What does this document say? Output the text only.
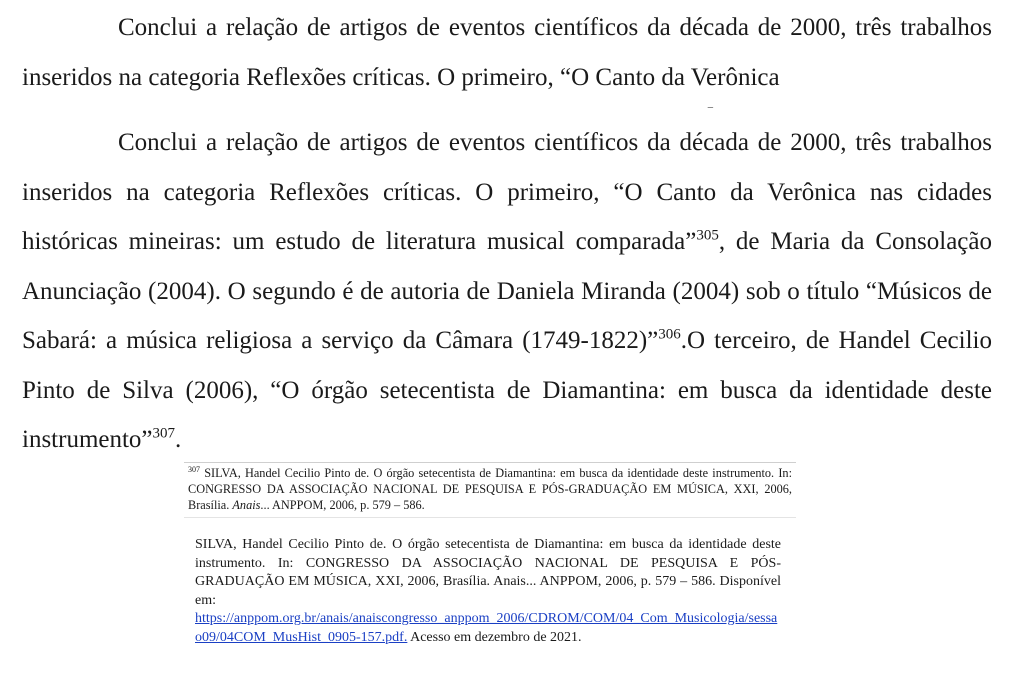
Conclui a relação de artigos de eventos científicos da década de 2000, três trabalhos inseridos na categoria Reflexões críticas. O primeiro, “O Canto da Verônica

Conclui a relação de artigos de eventos científicos da década de 2000, três trabalhos inseridos na categoria Reflexões críticas. O primeiro, “O Canto da Verônica nas cidades históricas mineiras: um estudo de literatura musical comparada”$^{305}$, de Maria da Consolação Anunciação (2004). O segundo é de autoria de Daniela Miranda (2004) sob o título “Músicos de Sabará: a música religiosa a serviço da Câmara (1749-1822)”$^{306}$.O terceiro, de Handel Cecilio Pinto de Silva (2006), “O órgão setecentista de Diamantina: em busca da identidade deste instrumento”$^{307}$.

$^{307}$ SILVA, Handel Cecilio Pinto de. O órgão setecentista de Diamantina: em busca da identidade deste instrumento. In: CONGRESSO DA ASSOCIAÇÃO NACIONAL DE PESQUISA E PÓS-GRADUAÇÃO EM MÚSICA, XXI, 2006, Brasília. Anais... ANPPOM, 2006, p. 579 – 586.
SILVA, Handel Cecilio Pinto de. O órgão setecentista de Diamantina: em busca da identidade deste instrumento. In: CONGRESSO DA ASSOCIAÇÃO NACIONAL DE PESQUISA E PÓS-GRADUAÇÃO EM MÚSICA, XXI, 2006, Brasília. Anais... ANPPOM, 2006, p. 579 – 586. Disponível em:
https://anppom.org.br/anais/anaiscongresso_anppom_2006/CDROM/COM/04_Com_Musicologia/sessao09/04COM_MusHist_0905-157.pdf. Acesso em dezembro de 2021.
